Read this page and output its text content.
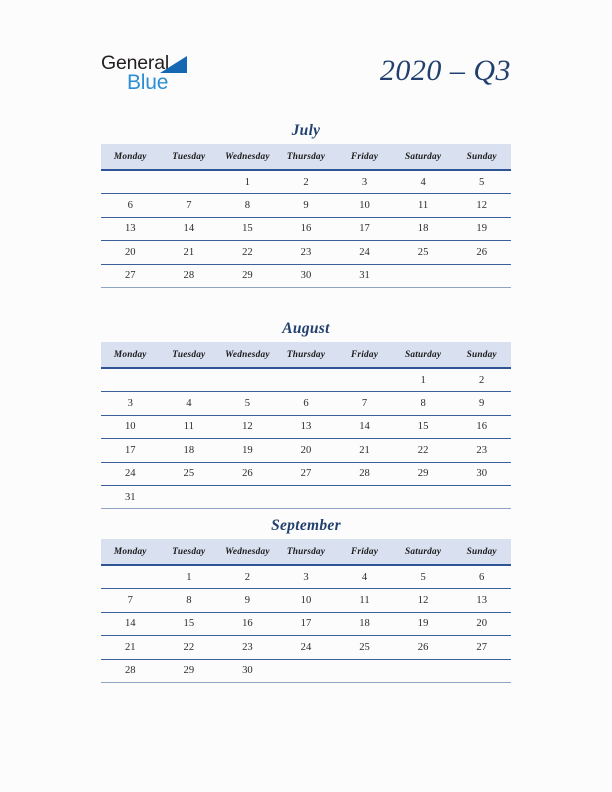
General
Blue	2020 – Q3
July
Monday	Tuesday	Wednesday	Thursday	Friday	Saturday	Sunday
		1	2	3	4	5
6	7	8	9	10	11	12
13	14	15	16	17	18	19
20	21	22	23	24	25	26
27	28	29	30	31		
August
Monday	Tuesday	Wednesday	Thursday	Friday	Saturday	Sunday
					1	2
3	4	5	6	7	8	9
10	11	12	13	14	15	16
17	18	19	20	21	22	23
24	25	26	27	28	29	30
31						
September
Monday	Tuesday	Wednesday	Thursday	Friday	Saturday	Sunday
	1	2	3	4	5	6
7	8	9	10	11	12	13
14	15	16	17	18	19	20
21	22	23	24	25	26	27
28	29	30				
